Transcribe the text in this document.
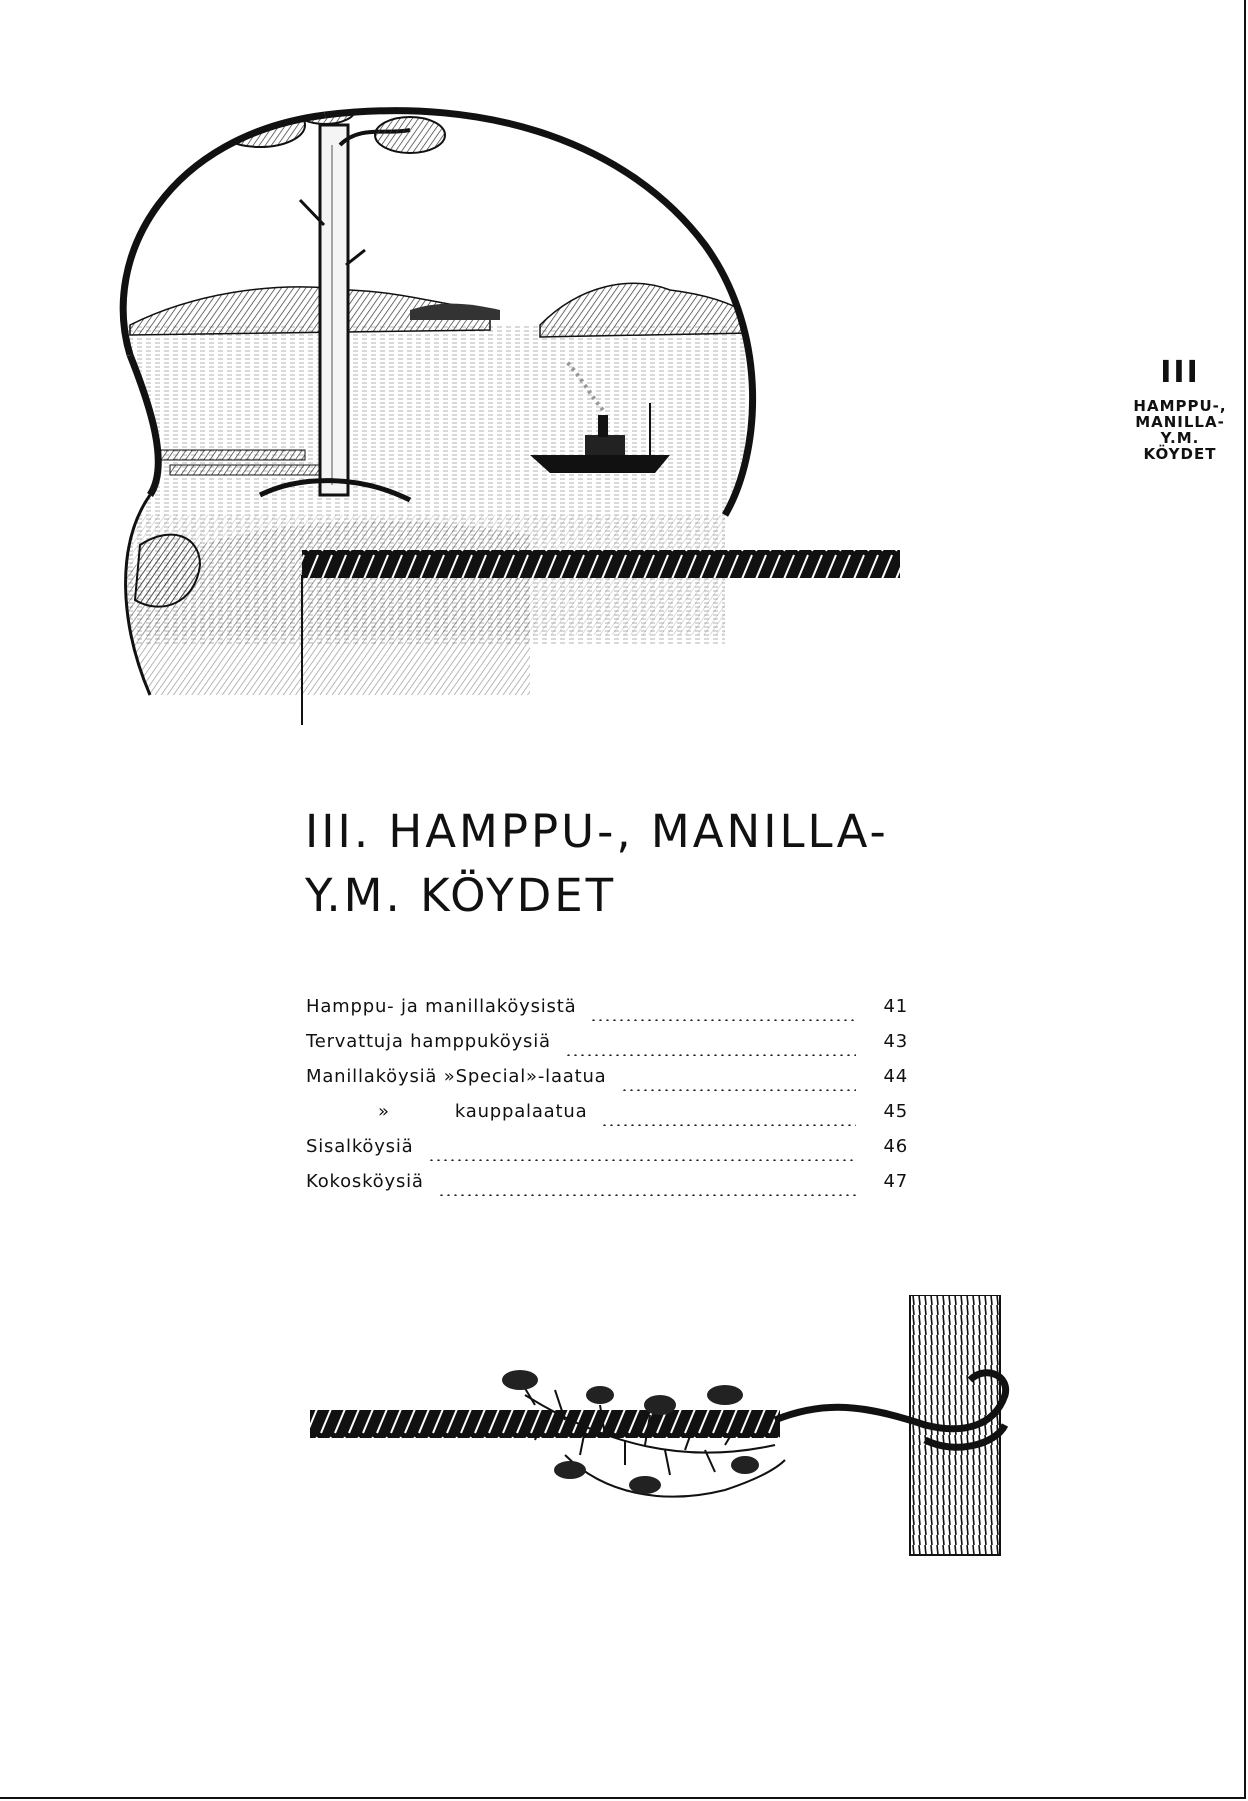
III
HAMPPU-,
MANILLA-
Y.M.
KÖYDET
III. HAMPPU-, MANILLA-
Y.M. KÖYDET
Hamppu- ja manillaköysistä	41
Tervattuja hamppuköysiä	43
Manillaköysiä »Special»-laatua	44
»	kauppalaatua	45
Sisalköysiä	46
Kokosköysiä	47
